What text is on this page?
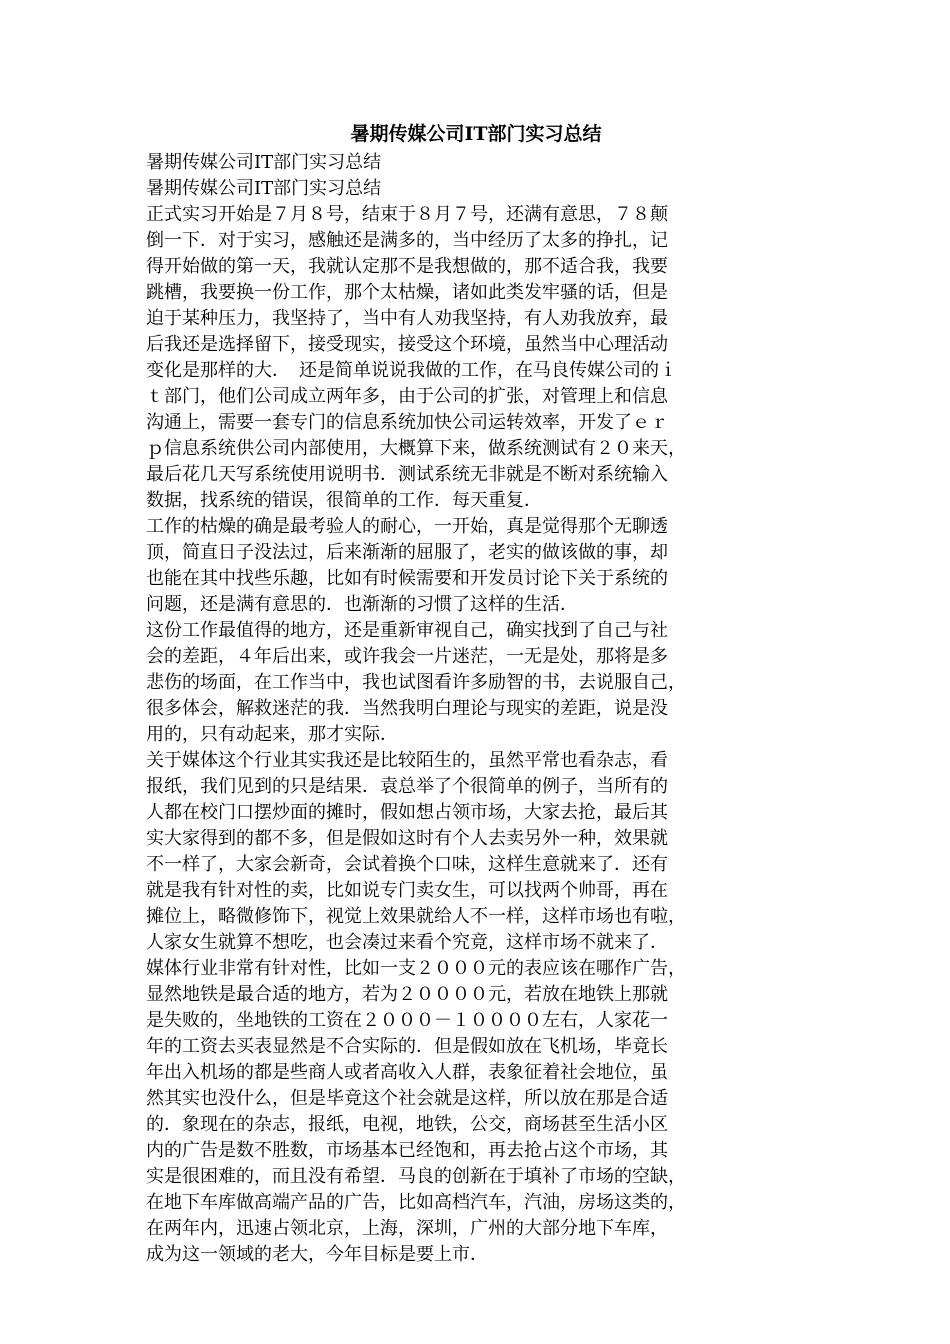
暑期传媒公司IT部门实习总结
暑期传媒公司IT部门实习总结
暑期传媒公司IT部门实习总结
正式实习开始是７月８号，结束于８月７号，还满有意思，７８颠
倒一下．对于实习，感触还是满多的，当中经历了太多的挣扎，记
得开始做的第一天，我就认定那不是我想做的，那不适合我，我要
跳槽，我要换一份工作，那个太枯燥，诸如此类发牢骚的话，但是
迫于某种压力，我坚持了，当中有人劝我坚持，有人劝我放弃，最
后我还是选择留下，接受现实，接受这个环境，虽然当中心理活动
变化是那样的大．　还是简单说说我做的工作，在马良传媒公司的ｉ
ｔ部门，他们公司成立两年多，由于公司的扩张，对管理上和信息
沟通上，需要一套专门的信息系统加快公司运转效率，开发了ｅｒ
ｐ信息系统供公司内部使用，大概算下来，做系统测试有２０来天，
最后花几天写系统使用说明书．测试系统无非就是不断对系统输入
数据，找系统的错误，很简单的工作．每天重复．
工作的枯燥的确是最考验人的耐心，一开始，真是觉得那个无聊透
顶，简直日子没法过，后来渐渐的屈服了，老实的做该做的事，却
也能在其中找些乐趣，比如有时候需要和开发员讨论下关于系统的
问题，还是满有意思的．也渐渐的习惯了这样的生活．
这份工作最值得的地方，还是重新审视自己，确实找到了自己与社
会的差距，４年后出来，或许我会一片迷茫，一无是处，那将是多
悲伤的场面，在工作当中，我也试图看许多励智的书，去说服自己，
很多体会，解救迷茫的我．当然我明白理论与现实的差距，说是没
用的，只有动起来，那才实际．
关于媒体这个行业其实我还是比较陌生的，虽然平常也看杂志，看
报纸，我们见到的只是结果．袁总举了个很简单的例子，当所有的
人都在校门口摆炒面的摊时，假如想占领市场，大家去抢，最后其
实大家得到的都不多，但是假如这时有个人去卖另外一种，效果就
不一样了，大家会新奇，会试着换个口味，这样生意就来了．还有
就是我有针对性的卖，比如说专门卖女生，可以找两个帅哥，再在
摊位上，略微修饰下，视觉上效果就给人不一样，这样市场也有啦，
人家女生就算不想吃，也会凑过来看个究竟，这样市场不就来了．
媒体行业非常有针对性，比如一支２０００元的表应该在哪作广告，
显然地铁是最合适的地方，若为２００００元，若放在地铁上那就
是失败的，坐地铁的工资在２０００－１００００左右，人家花一
年的工资去买表显然是不合实际的．但是假如放在飞机场，毕竟长
年出入机场的都是些商人或者高收入人群，表象征着社会地位，虽
然其实也没什么，但是毕竟这个社会就是这样，所以放在那是合适
的．象现在的杂志，报纸，电视，地铁，公交，商场甚至生活小区
内的广告是数不胜数，市场基本已经饱和，再去抢占这个市场，其
实是很困难的，而且没有希望．马良的创新在于填补了市场的空缺，
在地下车库做高端产品的广告，比如高档汽车，汽油，房场这类的，
在两年内，迅速占领北京，上海，深圳，广州的大部分地下车库，
成为这一领域的老大，今年目标是要上市．
